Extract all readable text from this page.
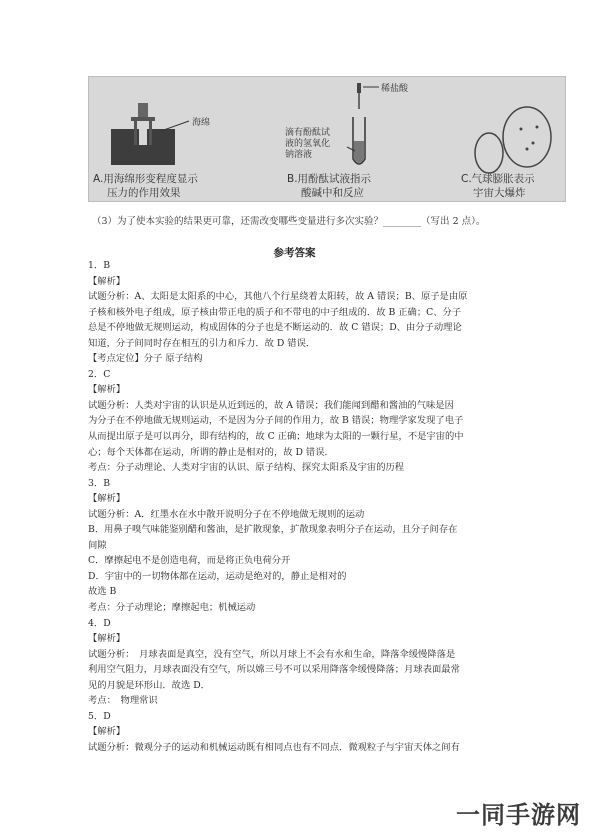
海绵
稀盐酸
滴有酚酞试
液的氢氧化
钠溶液
A.用海绵形变程度显示
压力的作用效果
B.用酚酞试液指示
酸碱中和反应
C.气球膨胀表示
宇宙大爆炸
（3）为了使本实验的结果更可靠，还需改变哪些变量进行多次实验？________（写出 2 点）。
参考答案
1．B
【解析】
试题分析：A、太阳是太阳系的中心，其他八个行星绕着太阳转，故 A 错误；B、原子是由原
子核和核外电子组成，原子核由带正电的质子和不带电的中子组成的．故 B 正确；C、分子
总是不停地做无规则运动，构成固体的分子也是不断运动的．故 C 错误；D、由分子动理论
知道，分子间同时存在相互的引力和斥力．故 D 错误．
【考点定位】分子 原子结构
2．C
【解析】
试题分析：人类对宇宙的认识是从近到远的，故 A 错误；我们能闻到醋和酱油的气味是因
为分子在不停地做无规则运动，不是因为分子间的作用力，故 B 错误；物理学家发现了电子
从而提出原子是可以再分，即有结构的，故 C 正确；地球为太阳的一颗行星，不是宇宙的中
心；每个天体都在运动，所谓的静止是相对的，故 D 错误．
考点：分子动理论、人类对宇宙的认识、原子结构、探究太阳系及宇宙的历程
3．B
【解析】
试题分析：A．红墨水在水中散开说明分子在不停地做无规则的运动
B．用鼻子嗅气味能鉴别醋和酱油，是扩散现象，扩散现象表明分子在运动，且分子间存在
间隙
C．摩擦起电不是创造电荷，而是将正负电荷分开
D．宇宙中的一切物体都在运动，运动是绝对的，静止是相对的
故选 B
考点：分子动理论；摩擦起电；机械运动
4．D
【解析】
试题分析：　月球表面是真空，没有空气，所以月球上不会有水和生命，降落伞缓慢降落是
利用空气阻力，月球表面没有空气，所以嫦三号不可以采用降落伞缓慢降落；月球表面最常
见的月貌是环形山．故选 D．
考点：　物理常识
5．D
【解析】
试题分析：微观分子的运动和机械运动既有相同点也有不同点．微观粒子与宇宙天体之间有
一同手游网
